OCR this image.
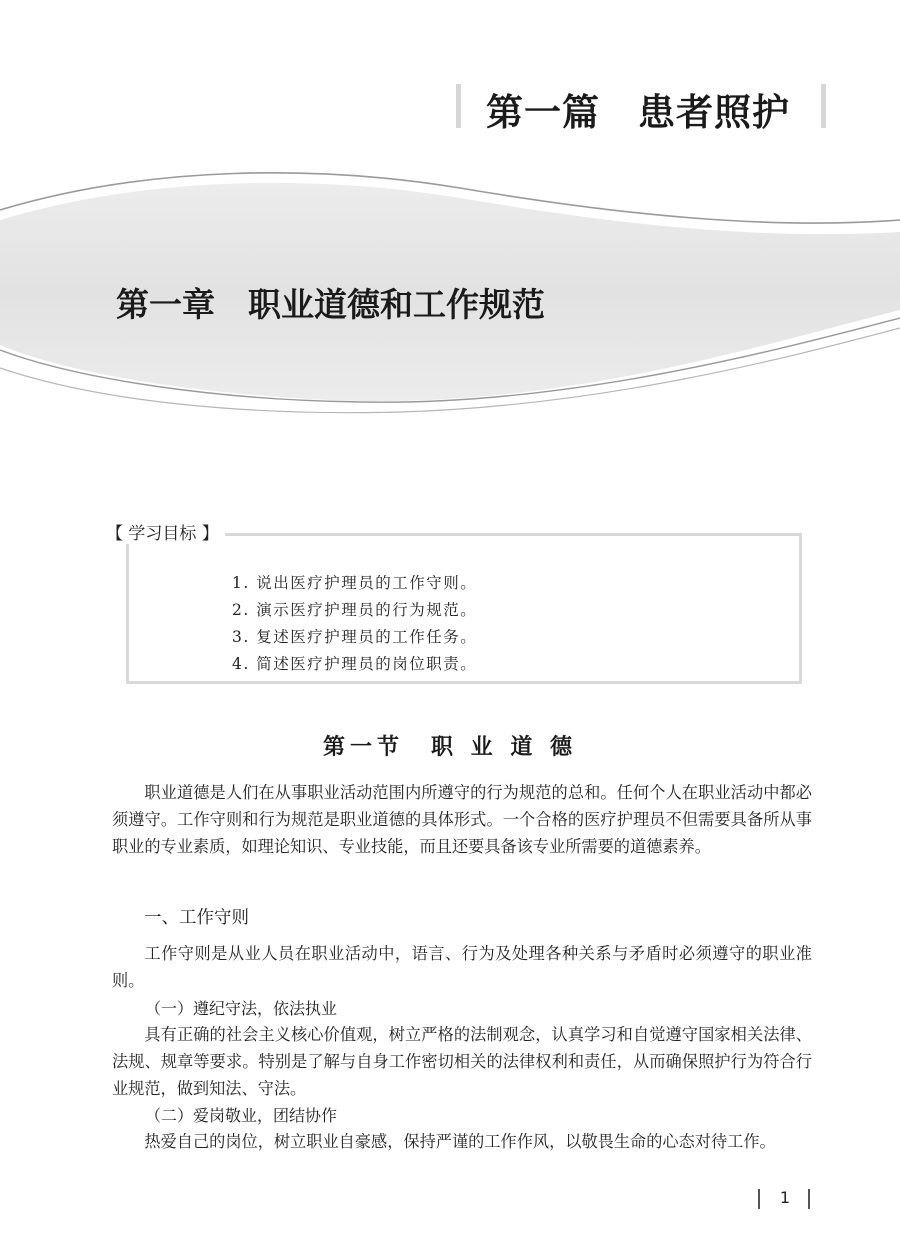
第一篇　患者照护
第一章　职业道德和工作规范
【 学习目标 】
1. 说出医疗护理员的工作守则。
2. 演示医疗护理员的行为规范。
3. 复述医疗护理员的工作任务。
4. 简述医疗护理员的岗位职责。
第一节　职 业 道 德

职业道德是人们在从事职业活动范围内所遵守的行为规范的总和。任何个人在职业活动中都必须遵守。工作守则和行为规范是职业道德的具体形式。一个合格的医疗护理员不但需要具备所从事职业的专业素质，如理论知识、专业技能，而且还要具备该专业所需要的道德素养。

一、工作守则

工作守则是从业人员在职业活动中，语言、行为及处理各种关系与矛盾时必须遵守的职业准则。

（一）遵纪守法，依法执业

具有正确的社会主义核心价值观，树立严格的法制观念，认真学习和自觉遵守国家相关法律、法规、规章等要求。特别是了解与自身工作密切相关的法律权利和责任，从而确保照护行为符合行业规范，做到知法、守法。

（二）爱岗敬业，团结协作

热爱自己的岗位，树立职业自豪感，保持严谨的工作作风，以敬畏生命的心态对待工作。

1
